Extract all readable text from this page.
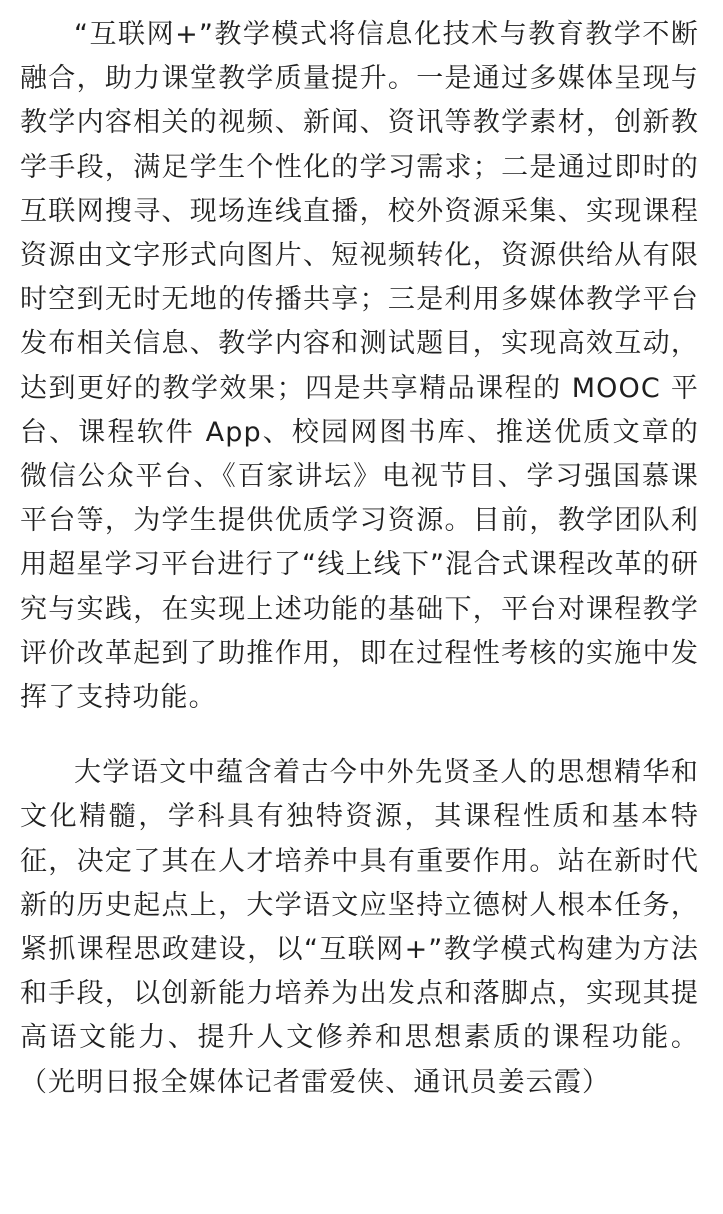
“互联网+”教学模式将信息化技术与教育教学不断融合，助力课堂教学质量提升。一是通过多媒体呈现与教学内容相关的视频、新闻、资讯等教学素材，创新教学手段，满足学生个性化的学习需求；二是通过即时的互联网搜寻、现场连线直播，校外资源采集、实现课程资源由文字形式向图片、短视频转化，资源供给从有限时空到无时无地的传播共享；三是利用多媒体教学平台发布相关信息、教学内容和测试题目，实现高效互动，达到更好的教学效果；四是共享精品课程的 MOOC 平台、课程软件 App、校园网图书库、推送优质文章的微信公众平台、《百家讲坛》电视节目、学习强国慕课平台等，为学生提供优质学习资源。目前，教学团队利用超星学习平台进行了“线上线下”混合式课程改革的研究与实践，在实现上述功能的基础下，平台对课程教学评价改革起到了助推作用，即在过程性考核的实施中发挥了支持功能。

大学语文中蕴含着古今中外先贤圣人的思想精华和文化精髓，学科具有独特资源，其课程性质和基本特征，决定了其在人才培养中具有重要作用。站在新时代新的历史起点上，大学语文应坚持立德树人根本任务，紧抓课程思政建设，以“互联网+”教学模式构建为方法和手段，以创新能力培养为出发点和落脚点，实现其提高语文能力、提升人文修养和思想素质的课程功能。（光明日报全媒体记者雷爱侠、通讯员姜云霞）
